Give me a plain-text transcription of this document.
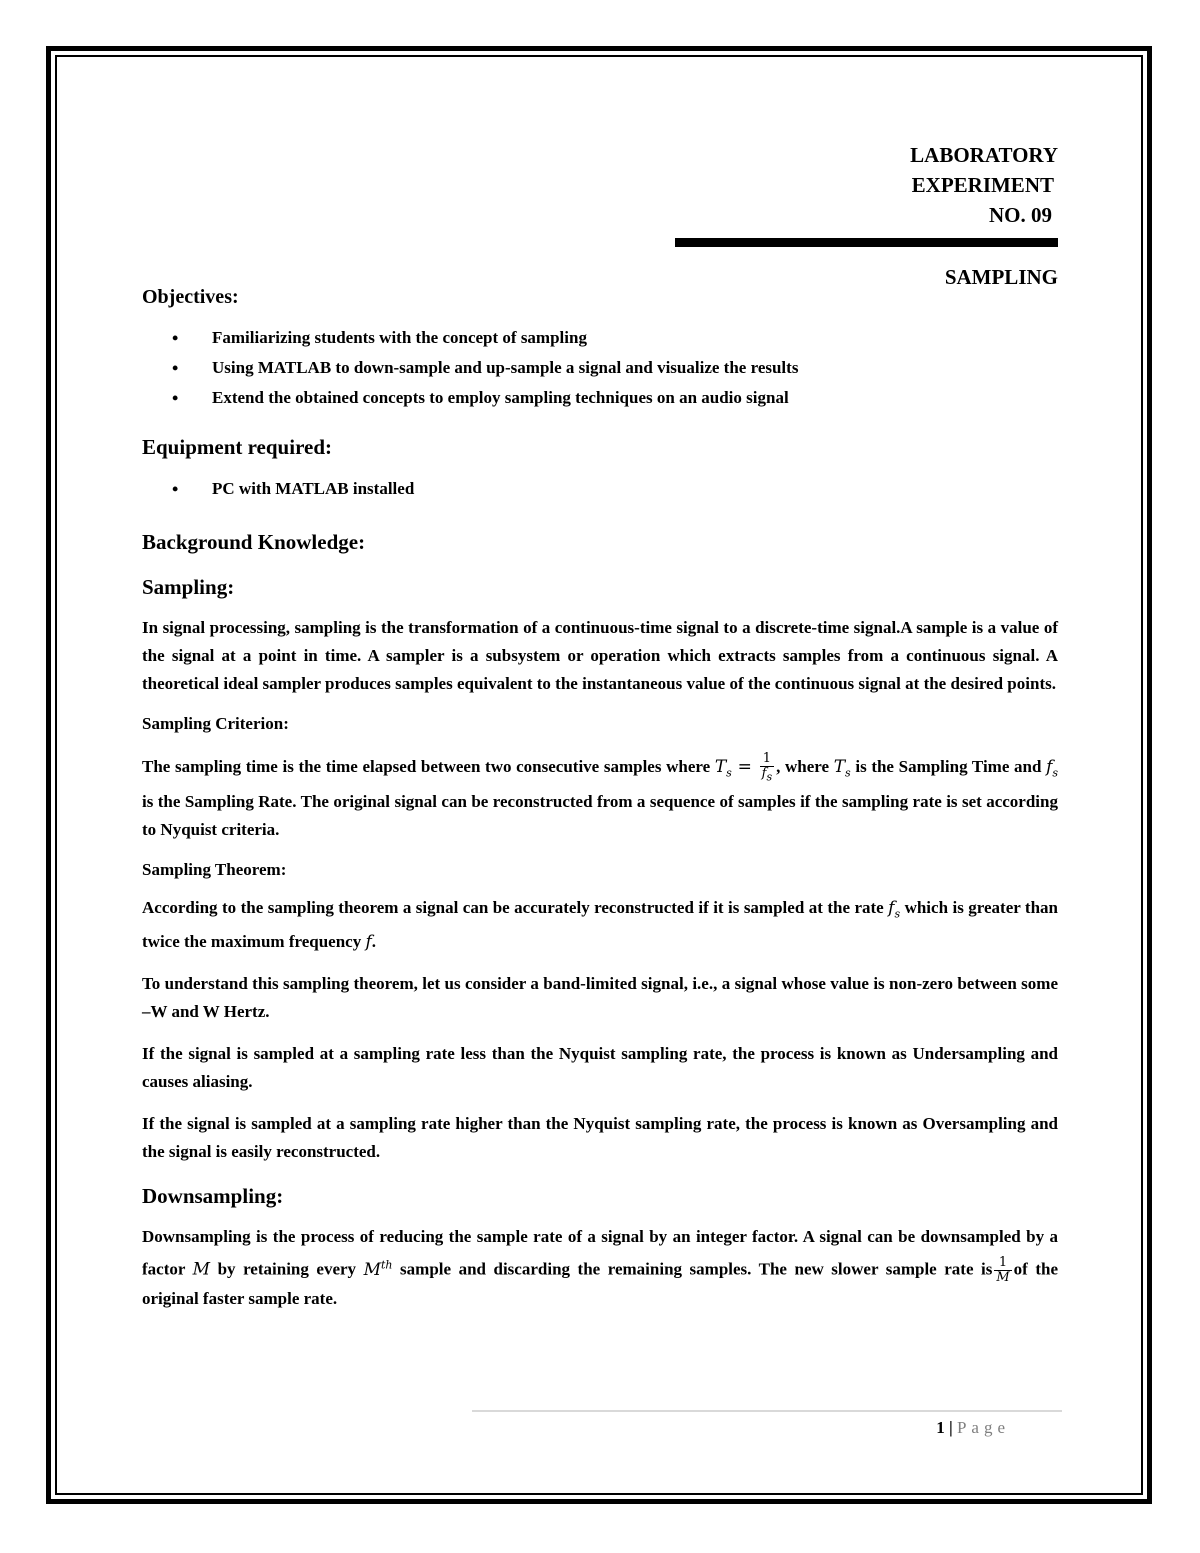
LABORATORY
EXPERIMENT
NO. 09
SAMPLING
Objectives:
• Familiarizing students with the concept of sampling
• Using MATLAB to down-sample and up-sample a signal and visualize the results
• Extend the obtained concepts to employ sampling techniques on an audio signal
Equipment required:
• PC with MATLAB installed
Background Knowledge:
Sampling:

In signal processing, sampling is the transformation of a continuous-time signal to a discrete-time signal.A sample is a value of the signal at a point in time. A sampler is a subsystem or operation which extracts samples from a continuous signal. A theoretical ideal sampler produces samples equivalent to the instantaneous value of the continuous signal at the desired points.

Sampling Criterion:

The sampling time is the time elapsed between two consecutive samples where $T_s = \frac{1}{f_s}$ , where $T_s$ is the Sampling Time and $f_s$ is the Sampling Rate. The original signal can be reconstructed from a sequence of samples if the sampling rate is set according to Nyquist criteria.

Sampling Theorem:

According to the sampling theorem a signal can be accurately reconstructed if it is sampled at the rate $f_s$ which is greater than twice the maximum frequency f.

To understand this sampling theorem, let us consider a band-limited signal, i.e., a signal whose value is non-zero between some –W and W Hertz.

If the signal is sampled at a sampling rate less than the Nyquist sampling rate, the process is known as Undersampling and causes aliasing.

If the signal is sampled at a sampling rate higher than the Nyquist sampling rate, the process is known as Oversampling and the signal is easily reconstructed.

Downsampling:

Downsampling is the process of reducing the sample rate of a signal by an integer factor. A signal can be downsampled by a factor M by retaining every Mth sample and discarding the remaining samples. The new slower sample rate is $\frac{1}{M}$ of the original faster sample rate.

1 | Page
